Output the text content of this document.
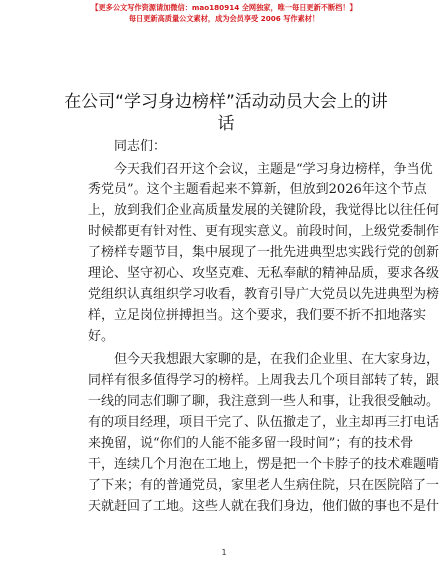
【更多公文写作资源请加微信：mao180914 全网独家，唯一每日更新不断档！】
每日更新高质量公文素材，成为会员享受 2006 写作素材！
在公司“学习身边榜样”活动动员大会上的讲
话
同志们：
今天我们召开这个会议，主题是“学习身边榜样，争当优
秀党员”。这个主题看起来不算新，但放到2026年这个节点
上，放到我们企业高质量发展的关键阶段，我觉得比以往任何
时候都更有针对性、更有现实意义。前段时间，上级党委制作
了榜样专题节目，集中展现了一批先进典型忠实践行党的创新
理论、坚守初心、攻坚克难、无私奉献的精神品质，要求各级
党组织认真组织学习收看，教育引导广大党员以先进典型为榜
样，立足岗位拼搏担当。这个要求，我们要不折不扣地落实
好。
但今天我想跟大家聊的是，在我们企业里、在大家身边，
同样有很多值得学习的榜样。上周我去几个项目部转了转，跟
一线的同志们聊了聊，我注意到一些人和事，让我很受触动。
有的项目经理，项目干完了、队伍撤走了，业主却再三打电话
来挽留，说“你们的人能不能多留一段时间”；有的技术骨
干，连续几个月泡在工地上，愣是把一个卡脖子的技术难题啃
了下来；有的普通党员，家里老人生病住院，只在医院陪了一
天就赶回了工地。这些人就在我们身边，他们做的事也不是什
1
